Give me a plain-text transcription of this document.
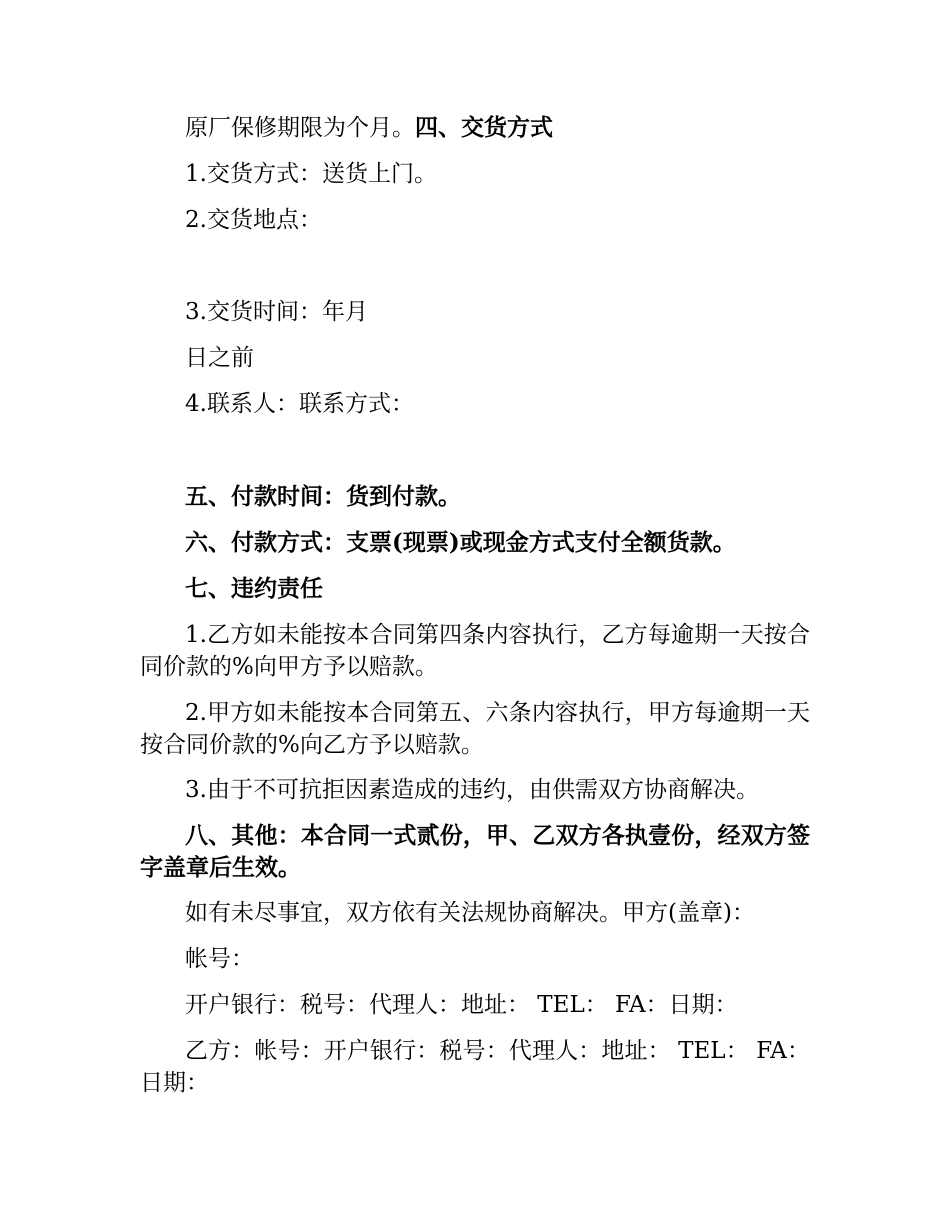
原厂保修期限为个月。四、交货方式
1.交货方式：送货上门。
2.交货地点：
3.交货时间：年月
日之前
4.联系人：联系方式：
五、付款时间：货到付款。
六、付款方式：支票(现票)或现金方式支付全额货款。
七、违约责任
1.乙方如未能按本合同第四条内容执行，乙方每逾期一天按合同价款的%向甲方予以赔款。
2.甲方如未能按本合同第五、六条内容执行，甲方每逾期一天按合同价款的%向乙方予以赔款。
3.由于不可抗拒因素造成的违约，由供需双方协商解决。
八、其他：本合同一式贰份，甲、乙双方各执壹份，经双方签字盖章后生效。
如有未尽事宜，双方依有关法规协商解决。甲方(盖章)：
帐号：
开户银行：税号：代理人：地址： TEL： FA：日期：
乙方：帐号：开户银行：税号：代理人：地址： TEL： FA：日期：
